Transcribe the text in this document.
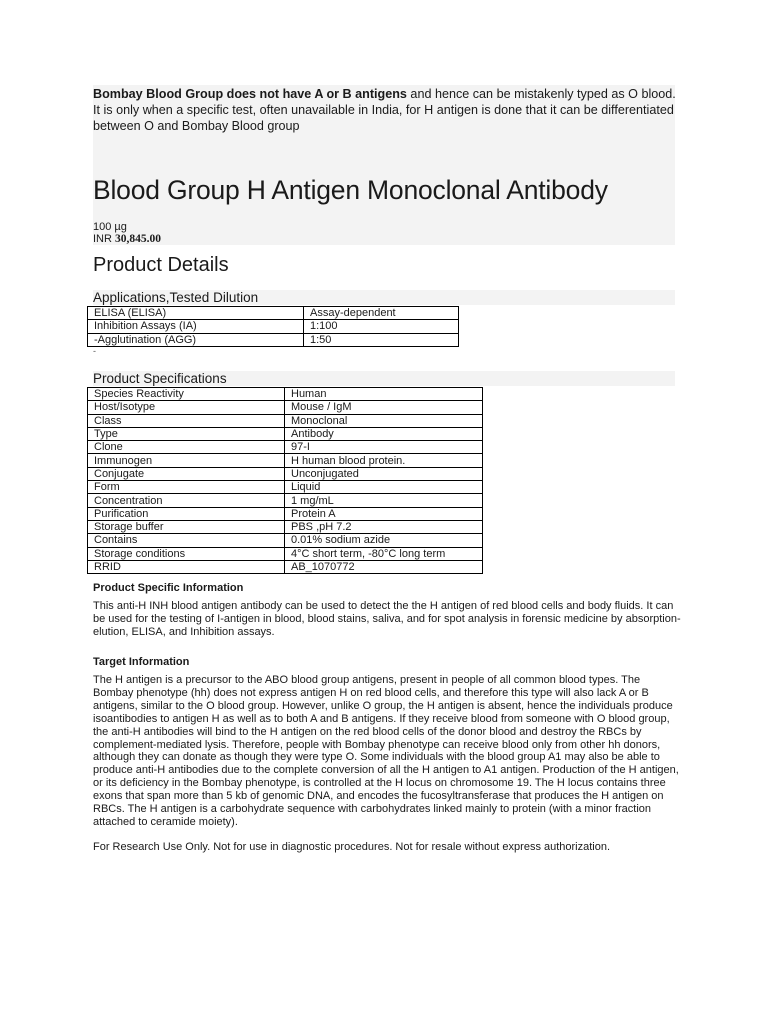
Bombay Blood Group does not have A or B antigens and hence can be mistakenly typed as O blood. It is only when a specific test, often unavailable in India, for H antigen is done that it can be differentiated between O and Bombay Blood group

Blood Group H Antigen Monoclonal Antibody
100 µg
INR 30,845.00
Product Details
Applications,Tested Dilution
ELISA (ELISA)	Assay-dependent
Inhibition Assays (IA)	1:100
-Agglutination (AGG)	1:50
-
Product Specifications
Species Reactivity	Human
Host/Isotype	Mouse / IgM
Class	Monoclonal
Type	Antibody
Clone	97-I
Immunogen	H human blood protein.
Conjugate	Unconjugated
Form	Liquid
Concentration	1 mg/mL
Purification	Protein A
Storage buffer	PBS ,pH 7.2
Contains	0.01% sodium azide
Storage conditions	4°C short term, -80°C long term
RRID	AB_1070772
Product Specific Information

This anti-H INH blood antigen antibody can be used to detect the the H antigen of red blood cells and body fluids. It can be used for the testing of I-antigen in blood, blood stains, saliva, and for spot analysis in forensic medicine by absorption-elution, ELISA, and Inhibition assays.

Target Information

The H antigen is a precursor to the ABO blood group antigens, present in people of all common blood types. The Bombay phenotype (hh) does not express antigen H on red blood cells, and therefore this type will also lack A or B antigens, similar to the O blood group. However, unlike O group, the H antigen is absent, hence the individuals produce isoantibodies to antigen H as well as to both A and B antigens. If they receive blood from someone with O blood group, the anti-H antibodies will bind to the H antigen on the red blood cells of the donor blood and destroy the RBCs by complement-mediated lysis. Therefore, people with Bombay phenotype can receive blood only from other hh donors, although they can donate as though they were type O. Some individuals with the blood group A1 may also be able to produce anti-H antibodies due to the complete conversion of all the H antigen to A1 antigen. Production of the H antigen, or its deficiency in the Bombay phenotype, is controlled at the H locus on chromosome 19. The H locus contains three exons that span more than 5 kb of genomic DNA, and encodes the fucosyltransferase that produces the H antigen on RBCs. The H antigen is a carbohydrate sequence with carbohydrates linked mainly to protein (with a minor fraction attached to ceramide moiety).

For Research Use Only. Not for use in diagnostic procedures. Not for resale without express authorization.
